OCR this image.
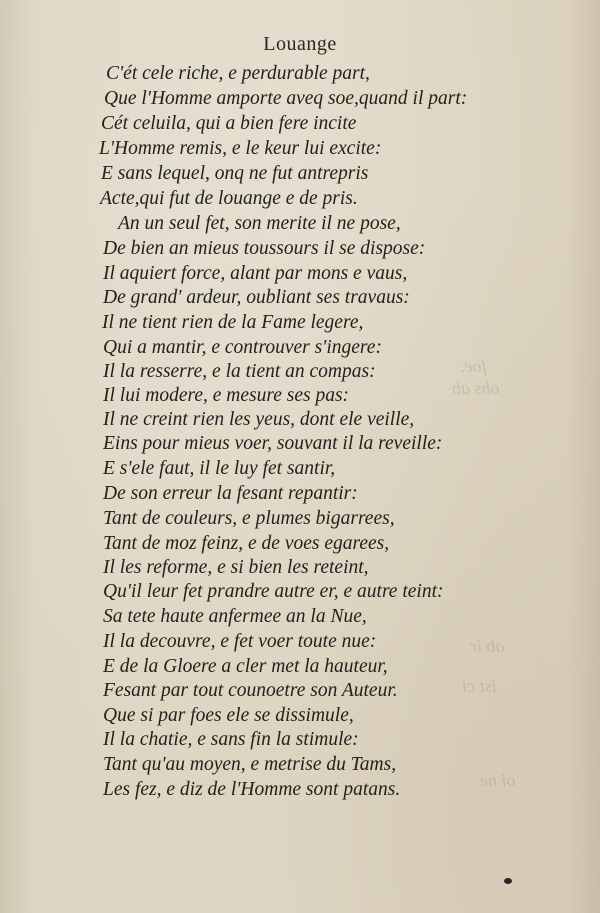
ſoe.
obs ab
ab ir
ist ci
oi ne
Louange
C'ét cele riche, e perdurable part,
Que l'Homme amporte aveq soe,quand il part:
Cét celuila, qui a bien fere incite
L'Homme remis, e le keur lui excite:
E sans lequel, onq ne fut antrepris
Acte,qui fut de louange e de pris.
An un seul fet, son merite il ne pose,
De bien an mieus toussours il se dispose:
Il aquiert force, alant par mons e vaus,
De grand' ardeur, oubliant ses travaus:
Il ne tient rien de la Fame legere,
Qui a mantir, e controuver s'ingere:
Il la resserre, e la tient an compas:
Il lui modere, e mesure ses pas:
Il ne creint rien les yeus, dont ele veille,
Eins pour mieus voer, souvant il la reveille:
E s'ele faut, il le luy fet santir,
De son erreur la fesant repantir:
Tant de couleurs, e plumes bigarrees,
Tant de moz feinz, e de voes egarees,
Il les reforme, e si bien les reteint,
Qu'il leur fet prandre autre er, e autre teint:
Sa tete haute anfermee an la Nue,
Il la decouvre, e fet voer toute nue:
E de la Gloere a cler met la hauteur,
Fesant par tout counoetre son Auteur.
Que si par foes ele se dissimule,
Il la chatie, e sans fin la stimule:
Tant qu'au moyen, e metrise du Tams,
Les fez, e diz de l'Homme sont patans.
